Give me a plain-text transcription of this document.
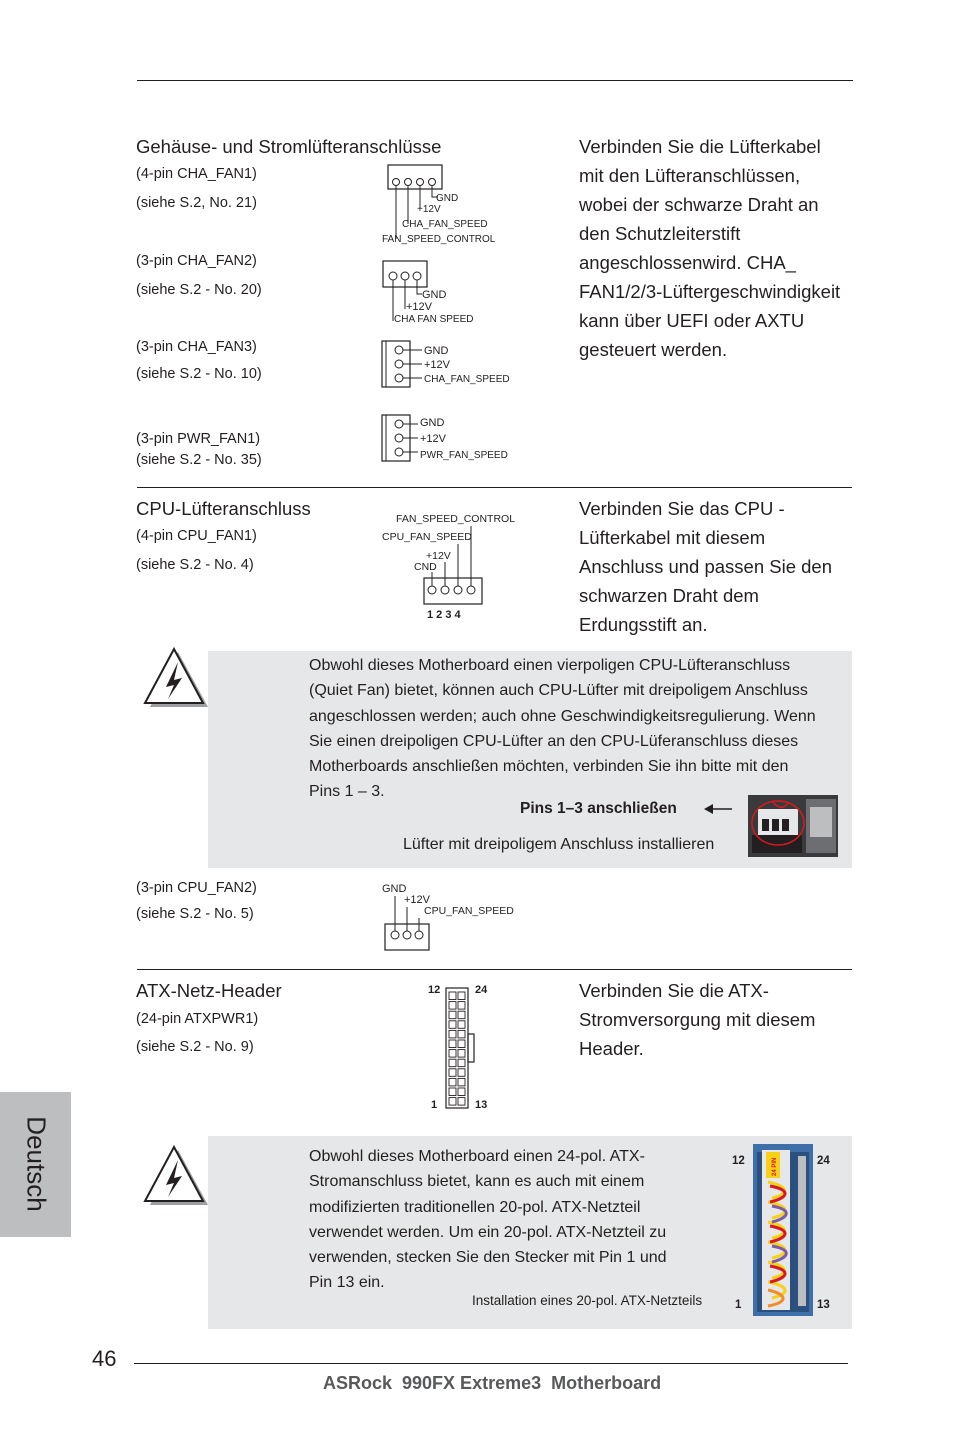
Gehäuse- und Stromlüfteranschlüsse
(4-pin CHA_FAN1)
(siehe S.2, No. 21)
(3-pin CHA_FAN2)
(siehe S.2 - No. 20)
(3-pin CHA_FAN3)
(siehe S.2 - No. 10)
(3-pin PWR_FAN1)
(siehe S.2 - No. 35)
Verbinden Sie die Lüfterkabel
mit den Lüfteranschlüssen,
wobei der schwarze Draht an
den Schutzleiterstift
angeschlossenwird. CHA_
FAN1/2/3-Lüftergeschwindigkeit
kann über UEFI oder AXTU
gesteuert werden.
GND
+12V
CHA_FAN_SPEED
FAN_SPEED_CONTROL
GND
+12V
CHA FAN SPEED
GND
+12V
CHA_FAN_SPEED
GND
+12V
PWR_FAN_SPEED
CPU-Lüfteranschluss
(4-pin CPU_FAN1)
(siehe S.2 - No. 4)
Verbinden Sie das CPU -
Lüfterkabel mit diesem
Anschluss und passen Sie den
schwarzen Draht dem
Erdungsstift an.
FAN_SPEED_CONTROL
CPU_FAN_SPEED
+12V
CND
1 2 3 4
Obwohl dieses Motherboard einen vierpoligen CPU-Lüfteranschluss
(Quiet Fan) bietet, können auch CPU-Lüfter mit dreipoligem Anschluss
angeschlossen werden; auch ohne Geschwindigkeitsregulierung. Wenn
Sie einen dreipoligen CPU-Lüfter an den CPU-Lüferanschluss dieses
Motherboards anschließen möchten, verbinden Sie ihn bitte mit den
Pins 1 – 3.
Pins 1–3 anschließen
Lüfter mit dreipoligem Anschluss installieren
(3-pin CPU_FAN2)
(siehe S.2 - No. 5)
GND
+12V
CPU_FAN_SPEED
ATX-Netz-Header
(24-pin ATXPWR1)
(siehe S.2 - No. 9)
Verbinden Sie die ATX-
Stromversorgung mit diesem
Header.
12	24
1	13
Obwohl dieses Motherboard einen 24-pol. ATX-
Stromanschluss bietet, kann es auch mit einem
modifizierten traditionellen 20-pol. ATX-Netzteil
verwendet werden. Um ein 20-pol. ATX-Netzteil zu
verwenden, stecken Sie den Stecker mit Pin 1 und
Pin 13 ein.
Installation eines 20-pol. ATX-Netzteils
12	24
1	13
24 PIN
Deutsch
46
ASRock  990FX Extreme3  Motherboard
